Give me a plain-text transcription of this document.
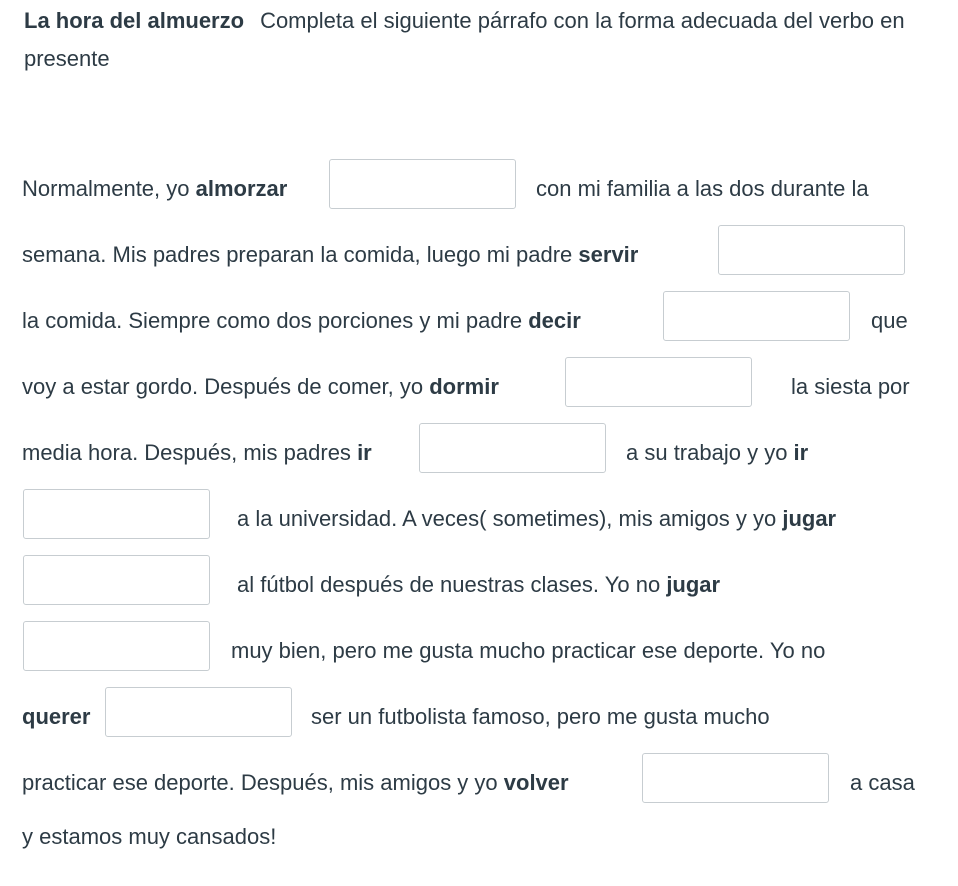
La hora del almuerzo Completa el siguiente párrafo con la forma adecuada del verbo en presente
Normalmente, yo almorzar	con mi familia a las dos durante la
semana. Mis padres preparan la comida, luego mi padre servir
la comida. Siempre como dos porciones y mi padre decir	que
voy a estar gordo. Después de comer, yo dormir	la siesta por
media hora. Después, mis padres ir	a su trabajo y yo ir
a la universidad. A veces( sometimes), mis amigos y yo jugar
al fútbol después de nuestras clases. Yo no jugar
muy bien, pero me gusta mucho practicar ese deporte. Yo no
querer	ser un futbolista famoso, pero me gusta mucho
practicar ese deporte. Después, mis amigos y yo volver	a casa
y estamos muy cansados!
